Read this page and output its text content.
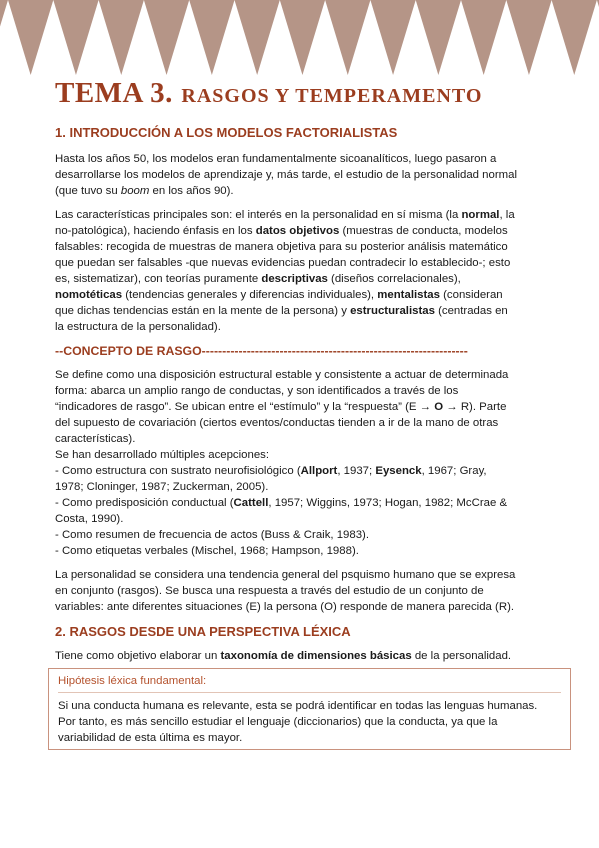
TEMA 3. RASGOS Y TEMPERAMENTO
1. INTRODUCCIÓN A LOS MODELOS FACTORIALISTAS

Hasta los años 50, los modelos eran fundamentalmente sicoanalíticos, luego pasaron a

desarrollarse los modelos de aprendizaje y, más tarde, el estudio de la personalidad normal

(que tuvo su boom en los años 90).

Las características principales son: el interés en la personalidad en sí misma (la normal, la

no-patológica), haciendo énfasis en los datos objetivos (muestras de conducta, modelos

falsables: recogida de muestras de manera objetiva para su posterior análisis matemático

que puedan ser falsables -que nuevas evidencias puedan contradecir lo establecido-; esto

es, sistematizar), con teorías puramente descriptivas (diseños correlacionales),

nomotéticas (tendencias generales y diferencias individuales), mentalistas (consideran

que dichas tendencias están en la mente de la persona) y estructuralistas (centradas en

la estructura de la personalidad).

--CONCEPTO DE RASGO-----------------------------------------------------------------

Se define como una disposición estructural estable y consistente a actuar de determinada

forma: abarca un amplio rango de conductas, y son identificados a través de los

“indicadores de rasgo”. Se ubican entre el “estímulo” y la “respuesta” (E → O → R). Parte

del supuesto de covariación (ciertos eventos/conductas tienden a ir de la mano de otras

características).

Se han desarrollado múltiples acepciones:

- Como estructura con sustrato neurofisiológico (Allport, 1937; Eysenck, 1967; Gray,

1978; Cloninger, 1987; Zuckerman, 2005).

- Como predisposición conductual (Cattell, 1957; Wiggins, 1973; Hogan, 1982; McCrae &

Costa, 1990).

- Como resumen de frecuencia de actos (Buss & Craik, 1983).

- Como etiquetas verbales (Mischel, 1968; Hampson, 1988).

La personalidad se considera una tendencia general del psquismo humano que se expresa

en conjunto (rasgos). Se busca una respuesta a través del estudio de un conjunto de

variables: ante diferentes situaciones (E) la persona (O) responde de manera parecida (R).

2. RASGOS DESDE UNA PERSPECTIVA LÉXICA

Tiene como objetivo elaborar un taxonomía de dimensiones básicas de la personalidad.

Hipótesis léxica fundamental:

Si una conducta humana es relevante, esta se podrá identificar en todas las lenguas humanas.

Por tanto, es más sencillo estudiar el lenguaje (diccionarios) que la conducta, ya que la

variabilidad de esta última es mayor.
